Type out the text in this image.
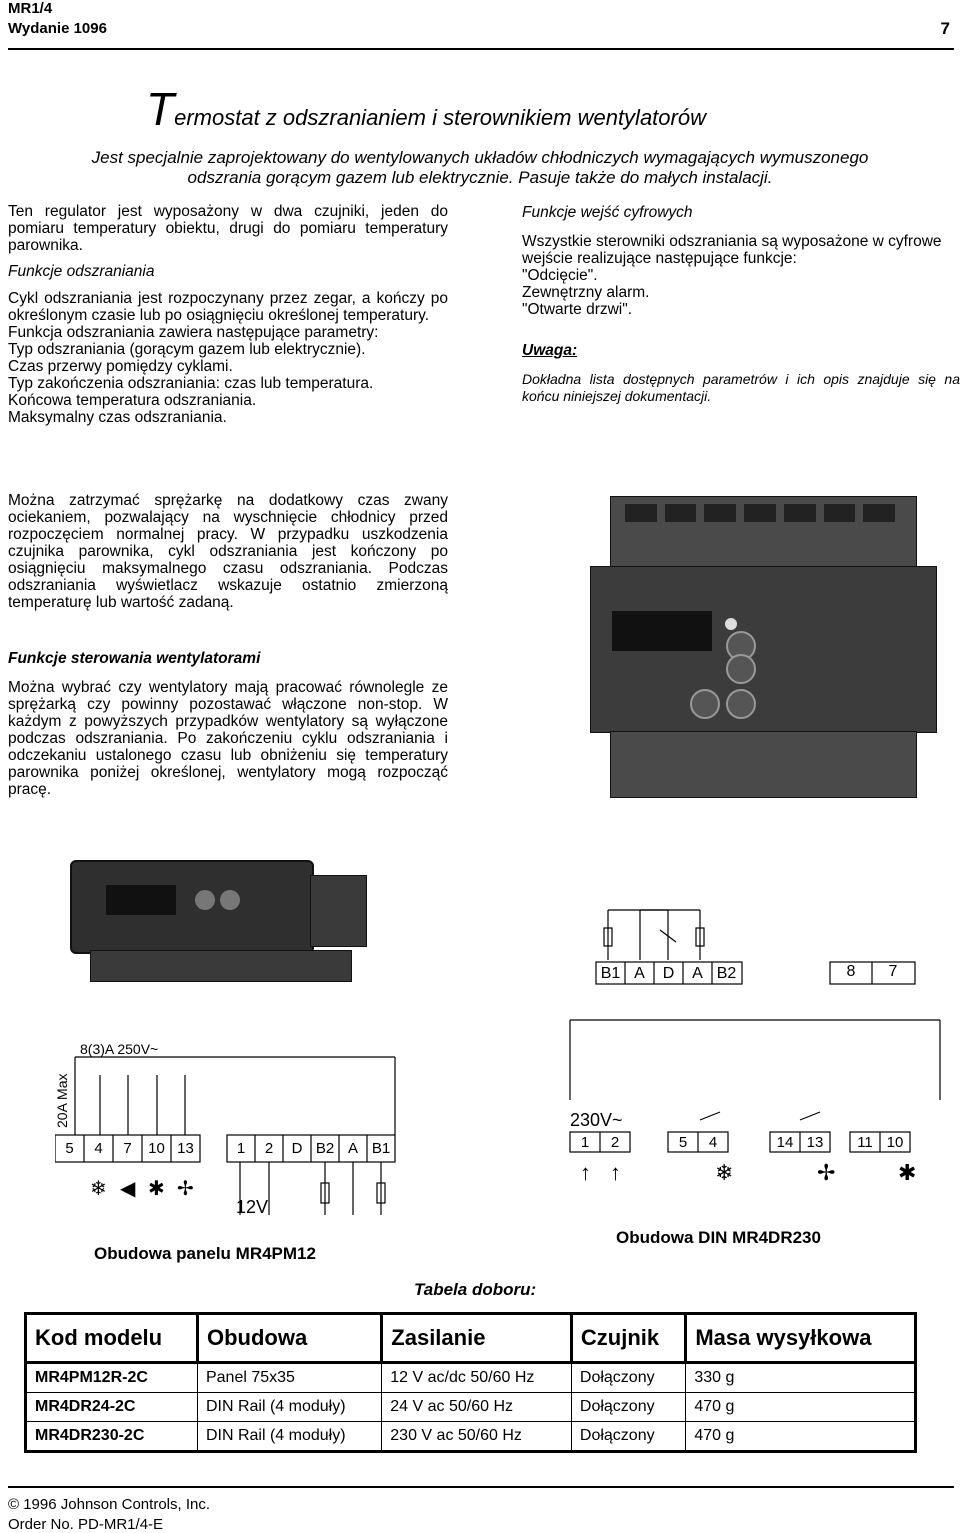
MR1/4
Wydanie 1096	7
Termostat z odszranianiem i sterownikiem wentylatorów
Jest specjalnie zaprojektowany do wentylowanych układów chłodniczych wymagających wymuszonego
odszrania gorącym gazem lub elektrycznie. Pasuje także do małych instalacji.

Ten regulator jest wyposażony w dwa czujniki, jeden do pomiaru temperatury obiektu, drugi do pomiaru temperatury parownika.

Funkcje odszraniania

Cykl odszraniania jest rozpoczynany przez zegar, a kończy po określonym czasie lub po osiągnięciu określonej temperatury.

Funkcja odszraniania zawiera następujące parametry:

Typ odszraniania (gorącym gazem lub elektrycznie).

Czas przerwy pomiędzy cyklami.

Typ zakończenia odszraniania: czas lub temperatura.

Końcowa temperatura odszraniania.

Maksymalny czas odszraniania.

Funkcje wejść cyfrowych

Wszystkie sterowniki odszraniania są wyposażone w cyfrowe wejście realizujące następujące funkcje:

"Odcięcie".

Zewnętrzny alarm.

"Otwarte drzwi".

Uwaga:

Dokładna lista dostępnych parametrów i ich opis znajduje się na końcu niniejszej dokumentacji.

Można zatrzymać sprężarkę na dodatkowy czas zwany ociekaniem, pozwalający na wyschnięcie chłodnicy przed rozpoczęciem normalnej pracy. W przypadku uszkodzenia czujnika parownika, cykl odszraniania jest kończony po osiągnięciu maksymalnego czasu odszraniania. Podczas odszraniania wyświetlacz wskazuje ostatnio zmierzoną temperaturę lub wartość zadaną.
Funkcje sterowania wentylatorami
Można wybrać czy wentylatory mają pracować równolegle ze sprężarką czy powinny pozostawać włączone non-stop. W każdym z powyższych przypadków wentylatory są wyłączone podczas odszraniania. Po zakończeniu cyklu odszraniania i odczekaniu ustalonego czasu lub obniżeniu się temperatury parownika poniżej określonej, wentylatory mogą rozpocząć pracę.
B1 A	D	A B2	8	7
230V~
1	2	5	4	14 13	11 10
↑ ↑	❄	✢	✱
Obudowa DIN MR4DR230
8(3)A 250V~
20A Max
5	4	7	10 13	1	2	D B2 A B1
❄ ◀ ✱ ✢
12V
Obudowa panelu MR4PM12
Tabela doboru:
Kod modelu	Obudowa	Zasilanie	Czujnik	Masa wysyłkowa
MR4PM12R-2C	Panel 75x35	12 V ac/dc 50/60 Hz	Dołączony	330 g
MR4DR24-2C	DIN Rail (4 moduły)	24 V ac 50/60 Hz	Dołączony	470 g
MR4DR230-2C	DIN Rail (4 moduły)	230 V ac 50/60 Hz	Dołączony	470 g
© 1996 Johnson Controls, Inc.
Order No. PD-MR1/4-E
